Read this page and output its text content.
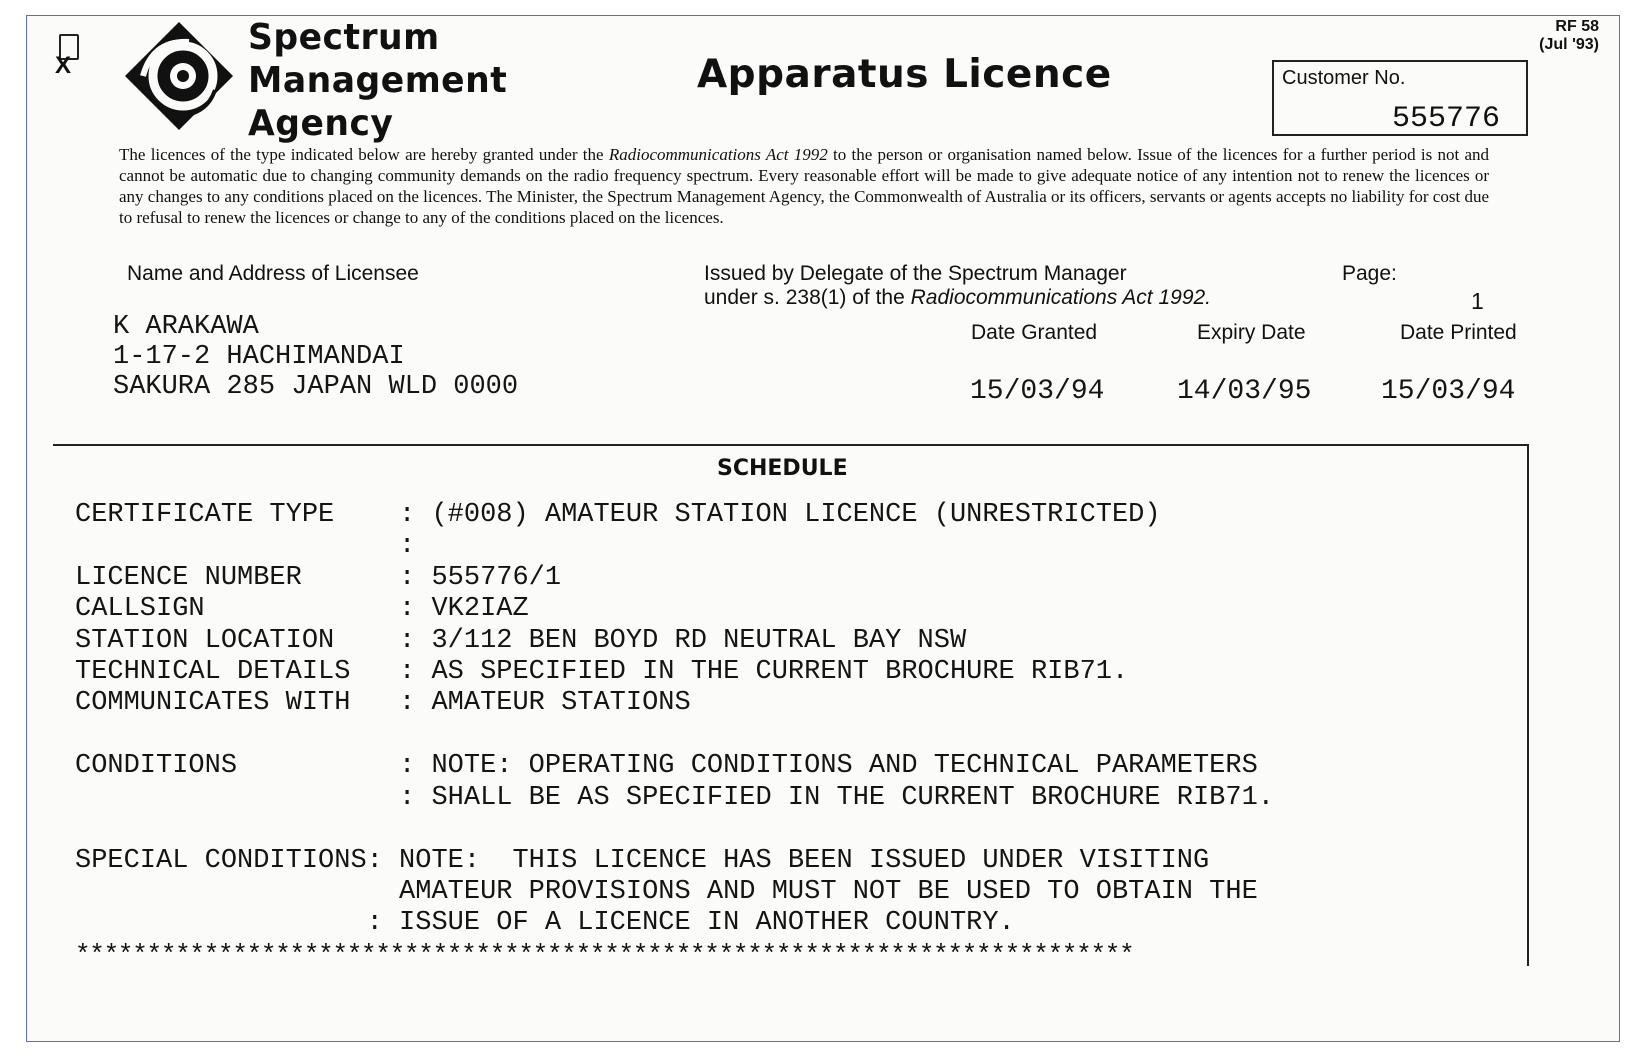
X
Spectrum
Management
Agency
Apparatus Licence
RF 58
(Jul '93)
Customer No.
555776
The licences of the type indicated below are hereby granted under the Radiocommunications Act 1992 to the person or organisation named below. Issue of the licences for a further period is not and cannot be automatic due to changing community demands on the radio frequency spectrum. Every reasonable effort will be made to give adequate notice of any intention not to renew the licences or any changes to any conditions placed on the licences. The Minister, the Spectrum Management Agency, the Commonwealth of Australia or its officers, servants or agents accepts no liability for cost due to refusal to renew the licences or change to any of the conditions placed on the licences.
Name and Address of Licensee
K ARAKAWA
1-17-2 HACHIMANDAI
SAKURA 285 JAPAN WLD 0000
Issued by Delegate of the Spectrum Manager
under s. 238(1) of the Radiocommunications Act 1992.
Page:
1
Date Granted	Expiry Date	Date Printed
15/03/94	14/03/95 15/03/94
SCHEDULE
CERTIFICATE TYPE    : (#008) AMATEUR STATION LICENCE (UNRESTRICTED)
:
LICENCE NUMBER      : 555776/1
CALLSIGN            : VK2IAZ
STATION LOCATION    : 3/112 BEN BOYD RD NEUTRAL BAY NSW
TECHNICAL DETAILS   : AS SPECIFIED IN THE CURRENT BROCHURE RIB71.
COMMUNICATES WITH   : AMATEUR STATIONS
CONDITIONS          : NOTE: OPERATING CONDITIONS AND TECHNICAL PARAMETERS
: SHALL BE AS SPECIFIED IN THE CURRENT BROCHURE RIB71.
SPECIAL CONDITIONS: NOTE:  THIS LICENCE HAS BEEN ISSUED UNDER VISITING
AMATEUR PROVISIONS AND MUST NOT BE USED TO OBTAIN THE
: ISSUE OF A LICENCE IN ANOTHER COUNTRY.
**************************************************************************
